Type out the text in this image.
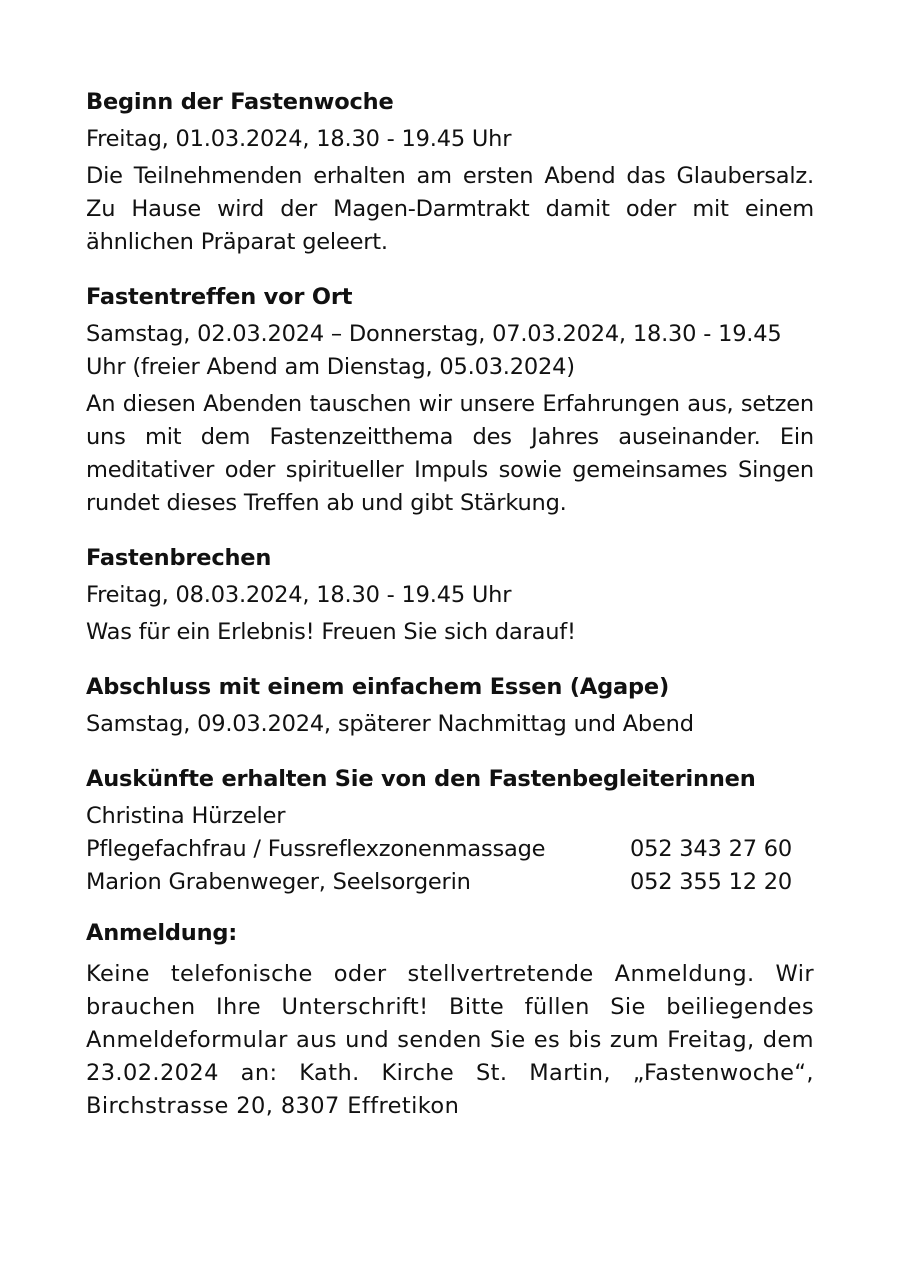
Beginn der Fastenwoche
Freitag, 01.03.2024, 18.30 - 19.45 Uhr
Die Teilnehmenden erhalten am ersten Abend das Glaubersalz. Zu Hause wird der Magen-Darmtrakt damit oder mit einem ähnlichen Präparat geleert.
Fastentreffen vor Ort
Samstag, 02.03.2024 – Donnerstag, 07.03.2024, 18.30 - 19.45
Uhr (freier Abend am Dienstag, 05.03.2024)
An diesen Abenden tauschen wir unsere Erfahrungen aus, setzen uns mit dem Fastenzeitthema des Jahres auseinander. Ein meditativer oder spiritueller Impuls sowie gemeinsames Singen rundet dieses Treffen ab und gibt Stärkung.
Fastenbrechen
Freitag, 08.03.2024, 18.30 - 19.45 Uhr
Was für ein Erlebnis! Freuen Sie sich darauf!
Abschluss mit einem einfachem Essen (Agape)
Samstag, 09.03.2024, späterer Nachmittag und Abend
Auskünfte erhalten Sie von den Fastenbegleiterinnen
Christina Hürzeler
Pflegefachfrau / Fussreflexzonenmassage	052 343 27 60
Marion Grabenweger, Seelsorgerin	052 355 12 20
Anmeldung:
Keine telefonische oder stellvertretende Anmeldung. Wir brauchen Ihre Unterschrift! Bitte füllen Sie beiliegendes Anmeldeformular aus und senden Sie es bis zum Freitag, dem 23.02.2024 an: Kath. Kirche St. Martin, „Fastenwoche“, Birchstrasse 20, 8307 Effretikon
